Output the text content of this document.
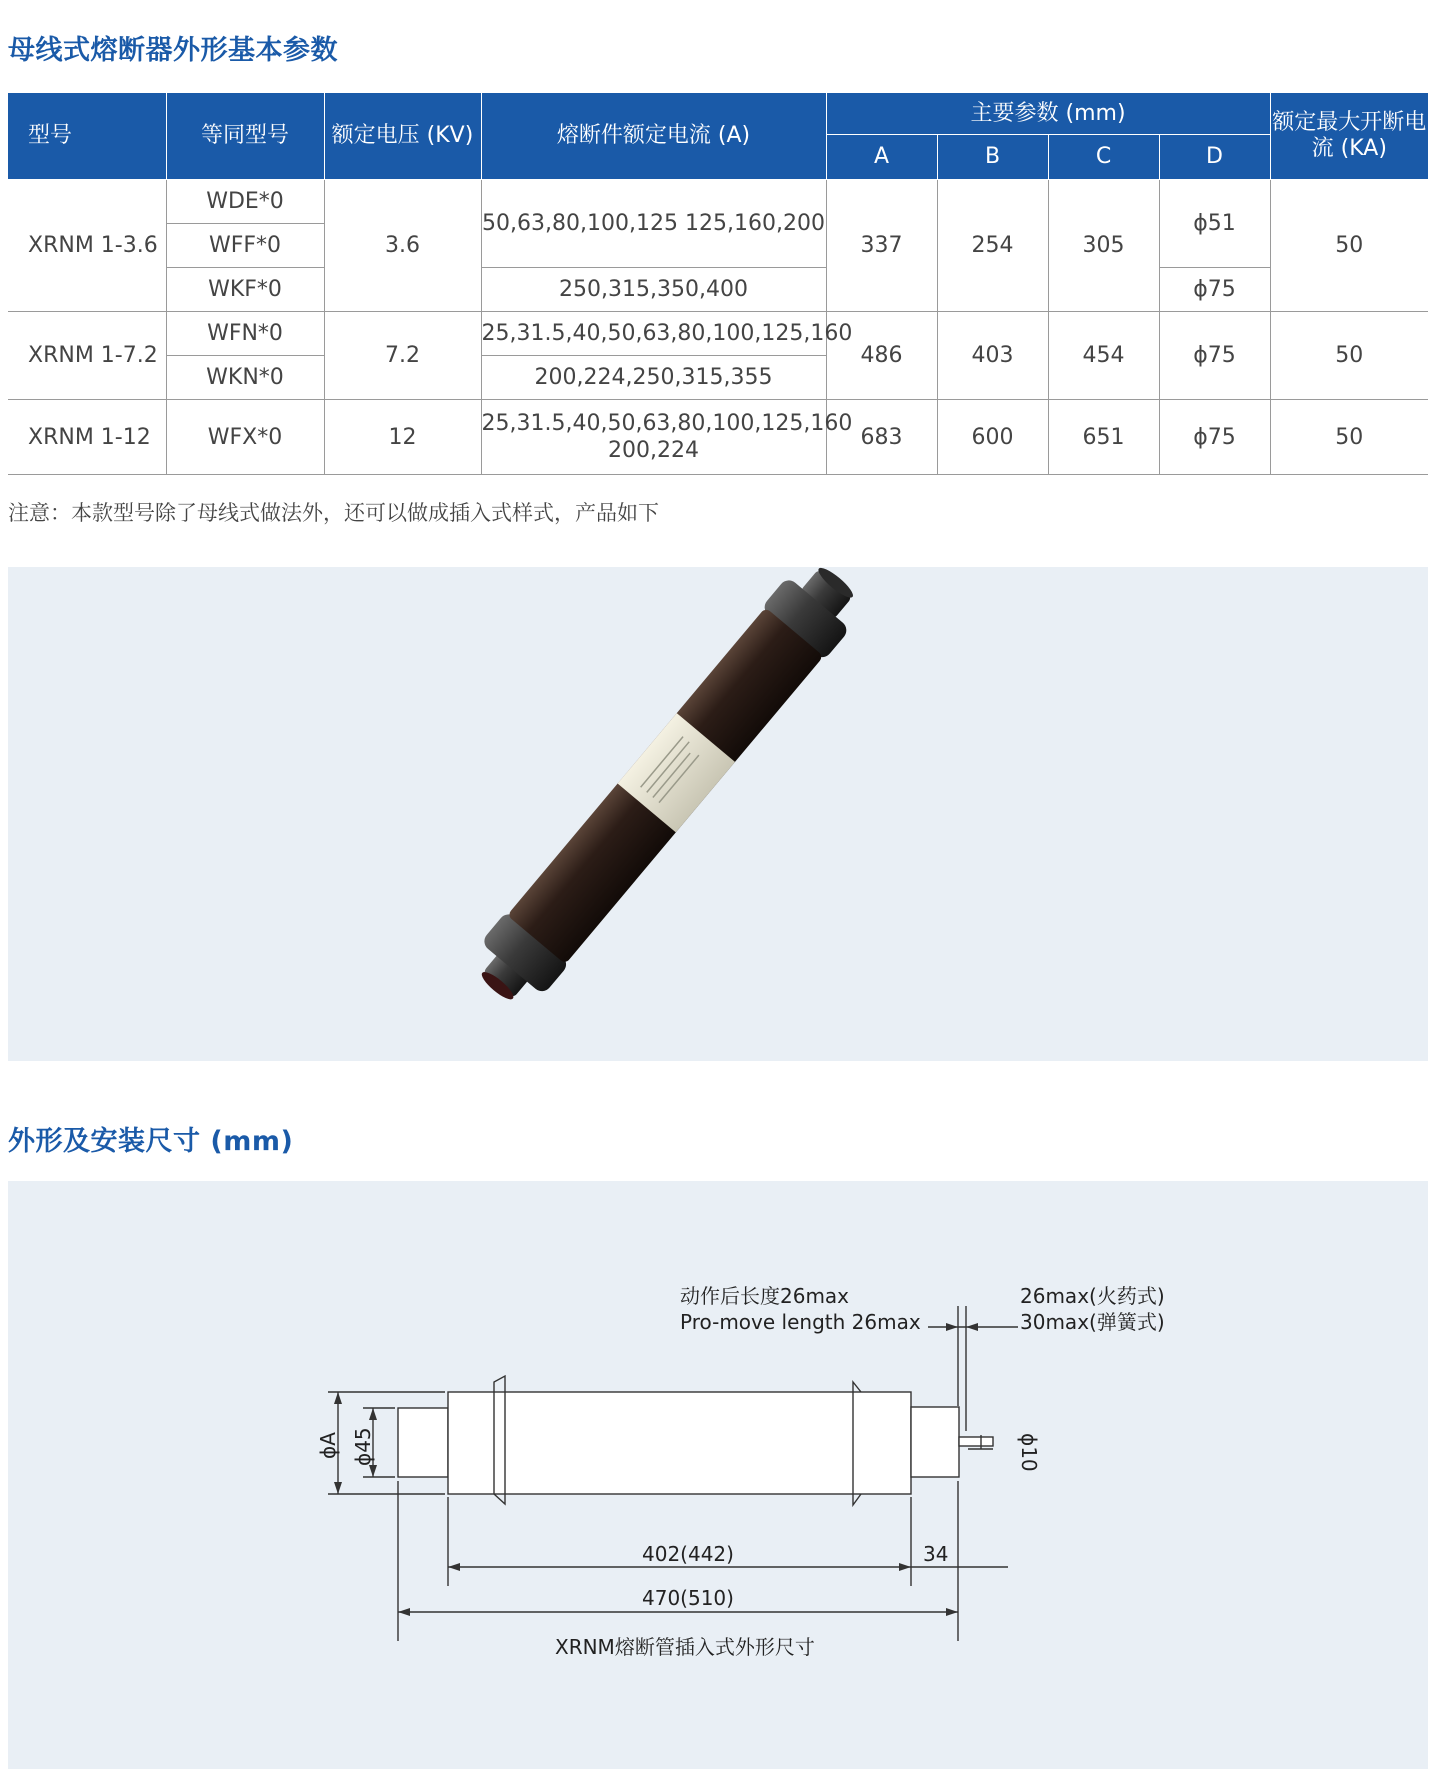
母线式熔断器外形基本参数
型号	等同型号	额定电压 (KV)	熔断件额定电流 (A)	主要参数 (mm)				额定最大开断电流 (KA)
				A	B	C	D	
XRNM 1-3.6	WDE*0	3.6	50,63,80,100,125 125,160,200	337	254	305	ϕ51	50
	WFF*0							
	WKF*0		250,315,350,400				ϕ75	
XRNM 1-7.2	WFN*0	7.2	25,31.5,40,50,63,80,100,125,160	486	403	454	ϕ75	50
	WKN*0		200,224,250,315,355					
XRNM 1-12	WFX*0	12	25,31.5,40,50,63,80,100,125,160 200,224	683	600	651	ϕ75	50

注意：本款型号除了母线式做法外，还可以做成插入式样式，产品如下

外形及安装尺寸 (mm)
动作后长度26max
Pro-move length 26max
26max(火药式)
30max(弹簧式)
ϕA ϕ45	ϕ10
402(442)	34
470(510)
XRNM熔断管插入式外形尺寸
